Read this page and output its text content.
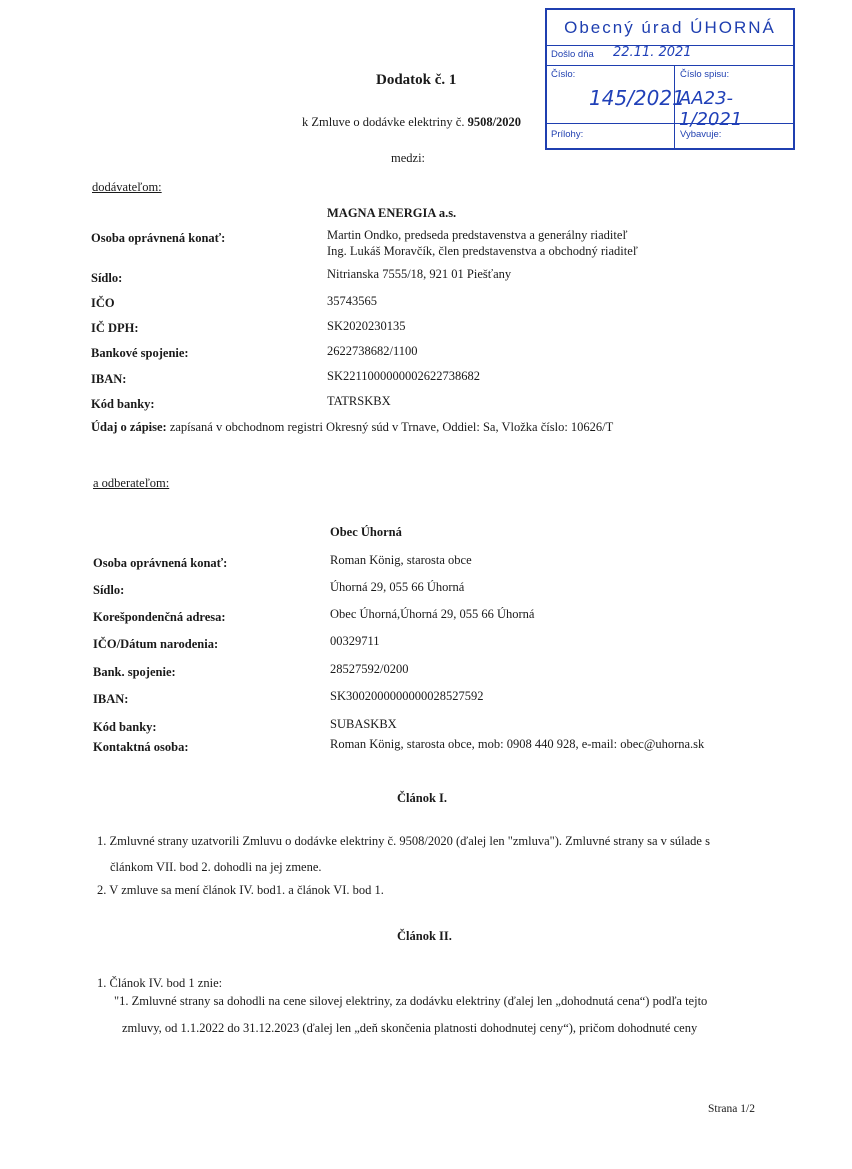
Obecný úrad ÚHORNÁ
Došlo dňa 22.11. 2021
Číslo:
145/2021
Číslo spisu:
AA23-1/2021
Prílohy:	Vybavuje:
Dodatok č. 1
k Zmluve o dodávke elektriny č. 9508/2020
medzi:
dodávateľom:
MAGNA ENERGIA a.s.
Osoba oprávnená konať:	Martin Ondko, predseda predstavenstva a generálny riaditeľ
Ing. Lukáš Moravčík, člen predstavenstva a obchodný riaditeľ
Sídlo:	Nitrianska 7555/18, 921 01 Piešťany
IČO	35743565
IČ DPH:	SK2020230135
Bankové spojenie:	2622738682/1100
IBAN:	SK2211000000002622738682
Kód banky:	TATRSKBX
Údaj o zápise: zapísaná v obchodnom registri Okresný súd v Trnave, Oddiel: Sa, Vložka číslo: 10626/T
a odberateľom:
Obec Úhorná
Osoba oprávnená konať:	Roman König, starosta obce
Sídlo:	Úhorná 29, 055 66 Úhorná
Korešpondenčná adresa:	Obec Úhorná,Úhorná 29, 055 66 Úhorná
IČO/Dátum narodenia:	00329711
Bank. spojenie:	28527592/0200
IBAN:	SK3002000000000028527592
Kód banky:	SUBASKBX
Kontaktná osoba:	Roman König, starosta obce, mob: 0908 440 928, e-mail: obec@uhorna.sk
Článok I.
1. Zmluvné strany uzatvorili Zmluvu o dodávke elektriny č. 9508/2020 (ďalej len "zmluva"). Zmluvné strany sa v súlade s
článkom VII. bod 2. dohodli na jej zmene.
2. V zmluve sa mení článok IV. bod1. a článok VI. bod 1.
Článok II.
1. Článok IV. bod 1 znie:
"1. Zmluvné strany sa dohodli na cene silovej elektriny, za dodávku elektriny (ďalej len „dohodnutá cena“) podľa tejto
zmluvy, od 1.1.2022 do 31.12.2023 (ďalej len „deň skončenia platnosti dohodnutej ceny“), pričom dohodnuté ceny
Strana 1/2
